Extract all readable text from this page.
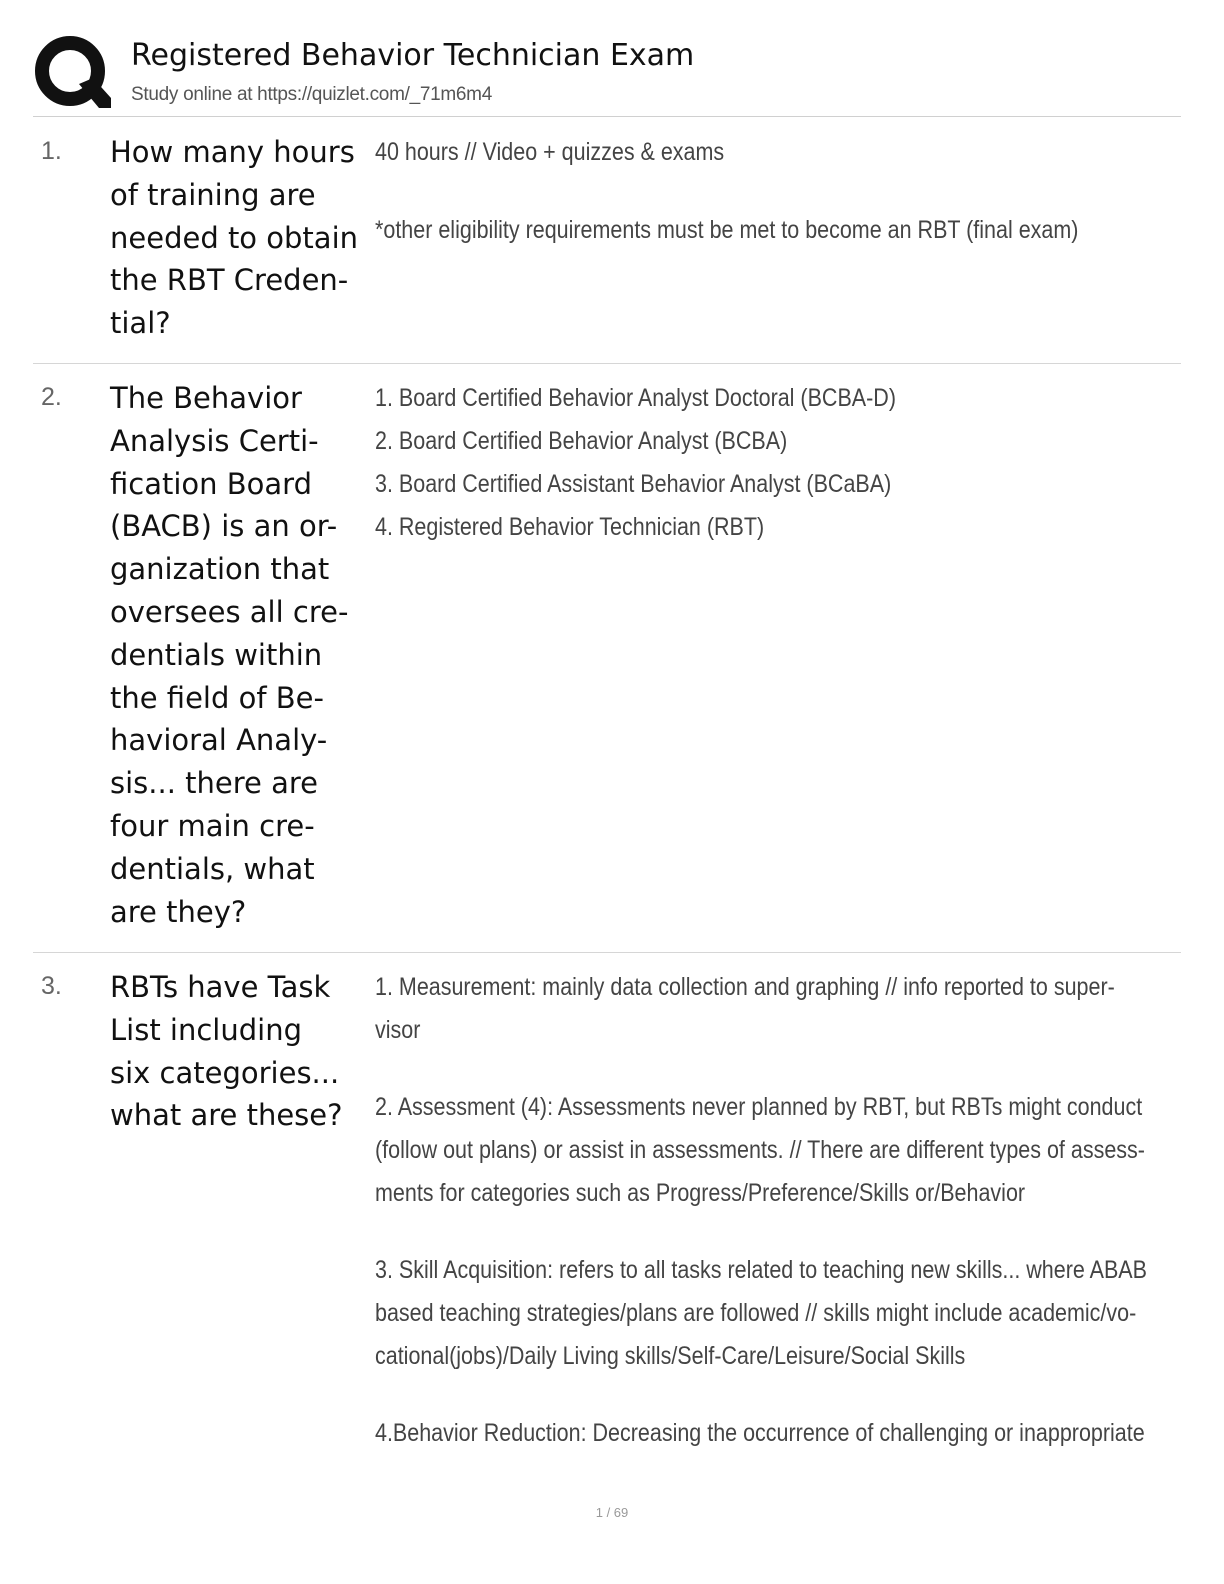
Registered Behavior Technician Exam
Study online at https://quizlet.com/_71m6m4
1. How many hours
of training are
needed to obtain
the RBT Creden-
tial?
40 hours // Video + quizzes & exams
*other eligibility requirements must be met to become an RBT (final exam)
2. The Behavior
Analysis Certi-
fication Board
(BACB) is an or-
ganization that
oversees all cre-
dentials within
the field of Be-
havioral Analy-
sis... there are
four main cre-
dentials, what
are they?
1. Board Certified Behavior Analyst Doctoral (BCBA-D)
2. Board Certified Behavior Analyst (BCBA)
3. Board Certified Assistant Behavior Analyst (BCaBA)
4. Registered Behavior Technician (RBT)
3. RBTs have Task
List including
six categories...
what are these?
1. Measurement: mainly data collection and graphing // info reported to super-
visor
2. Assessment (4): Assessments never planned by RBT, but RBTs might conduct
(follow out plans) or assist in assessments. // There are different types of assess-
ments for categories such as Progress/Preference/Skills or/Behavior
3. Skill Acquisition: refers to all tasks related to teaching new skills... where ABAB
based teaching strategies/plans are followed // skills might include academic/vo-
cational(jobs)/Daily Living skills/Self-Care/Leisure/Social Skills
4.Behavior Reduction: Decreasing the occurrence of challenging or inappropriate
1 / 69
